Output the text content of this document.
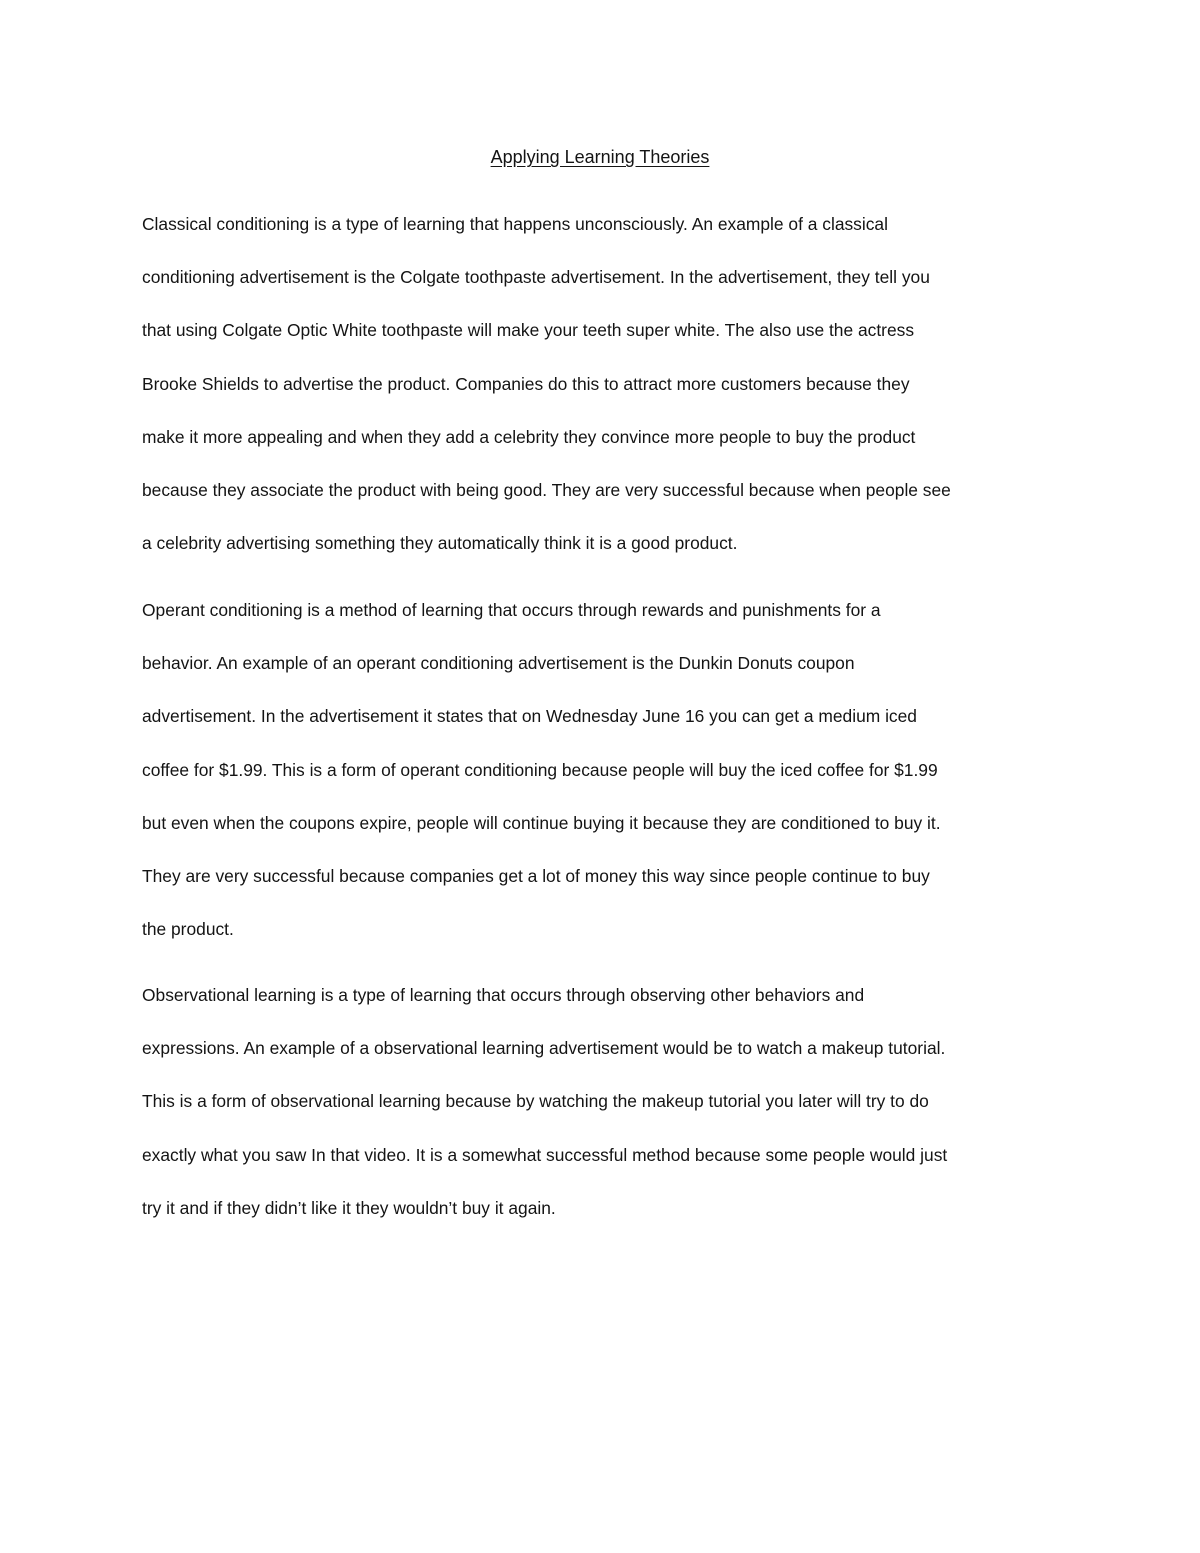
Applying Learning Theories

Classical conditioning is a type of learning that happens unconsciously. An example of a classical
conditioning advertisement is the Colgate toothpaste advertisement. In the advertisement, they tell you
that using Colgate Optic White toothpaste will make your teeth super white. The also use the actress
Brooke Shields to advertise the product. Companies do this to attract more customers because they
make it more appealing and when they add a celebrity they convince more people to buy the product
because they associate the product with being good. They are very successful because when people see
a celebrity advertising something they automatically think it is a good product.

Operant conditioning is a method of learning that occurs through rewards and punishments for a
behavior. An example of an operant conditioning advertisement is the Dunkin Donuts coupon
advertisement. In the advertisement it states that on Wednesday June 16 you can get a medium iced
coffee for $1.99. This is a form of operant conditioning because people will buy the iced coffee for $1.99
but even when the coupons expire, people will continue buying it because they are conditioned to buy it.
They are very successful because companies get a lot of money this way since people continue to buy
the product.

Observational learning is a type of learning that occurs through observing other behaviors and
expressions. An example of a observational learning advertisement would be to watch a makeup tutorial.
This is a form of observational learning because by watching the makeup tutorial you later will try to do
exactly what you saw In that video. It is a somewhat successful method because some people would just
try it and if they didn’t like it they wouldn’t buy it again.
